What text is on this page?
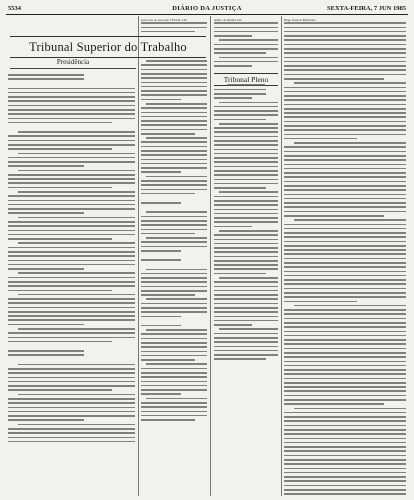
5534	DIÁRIO DA JUSTIÇA	SEXTA-FEIRA, 7 JUN 1985
Tribunal Superior do Trabalho
Presidência
Tribunal Pleno
protocolo no processo TST-DC-140	dentro da mesma data	Hugo Gueiros Bernardes
